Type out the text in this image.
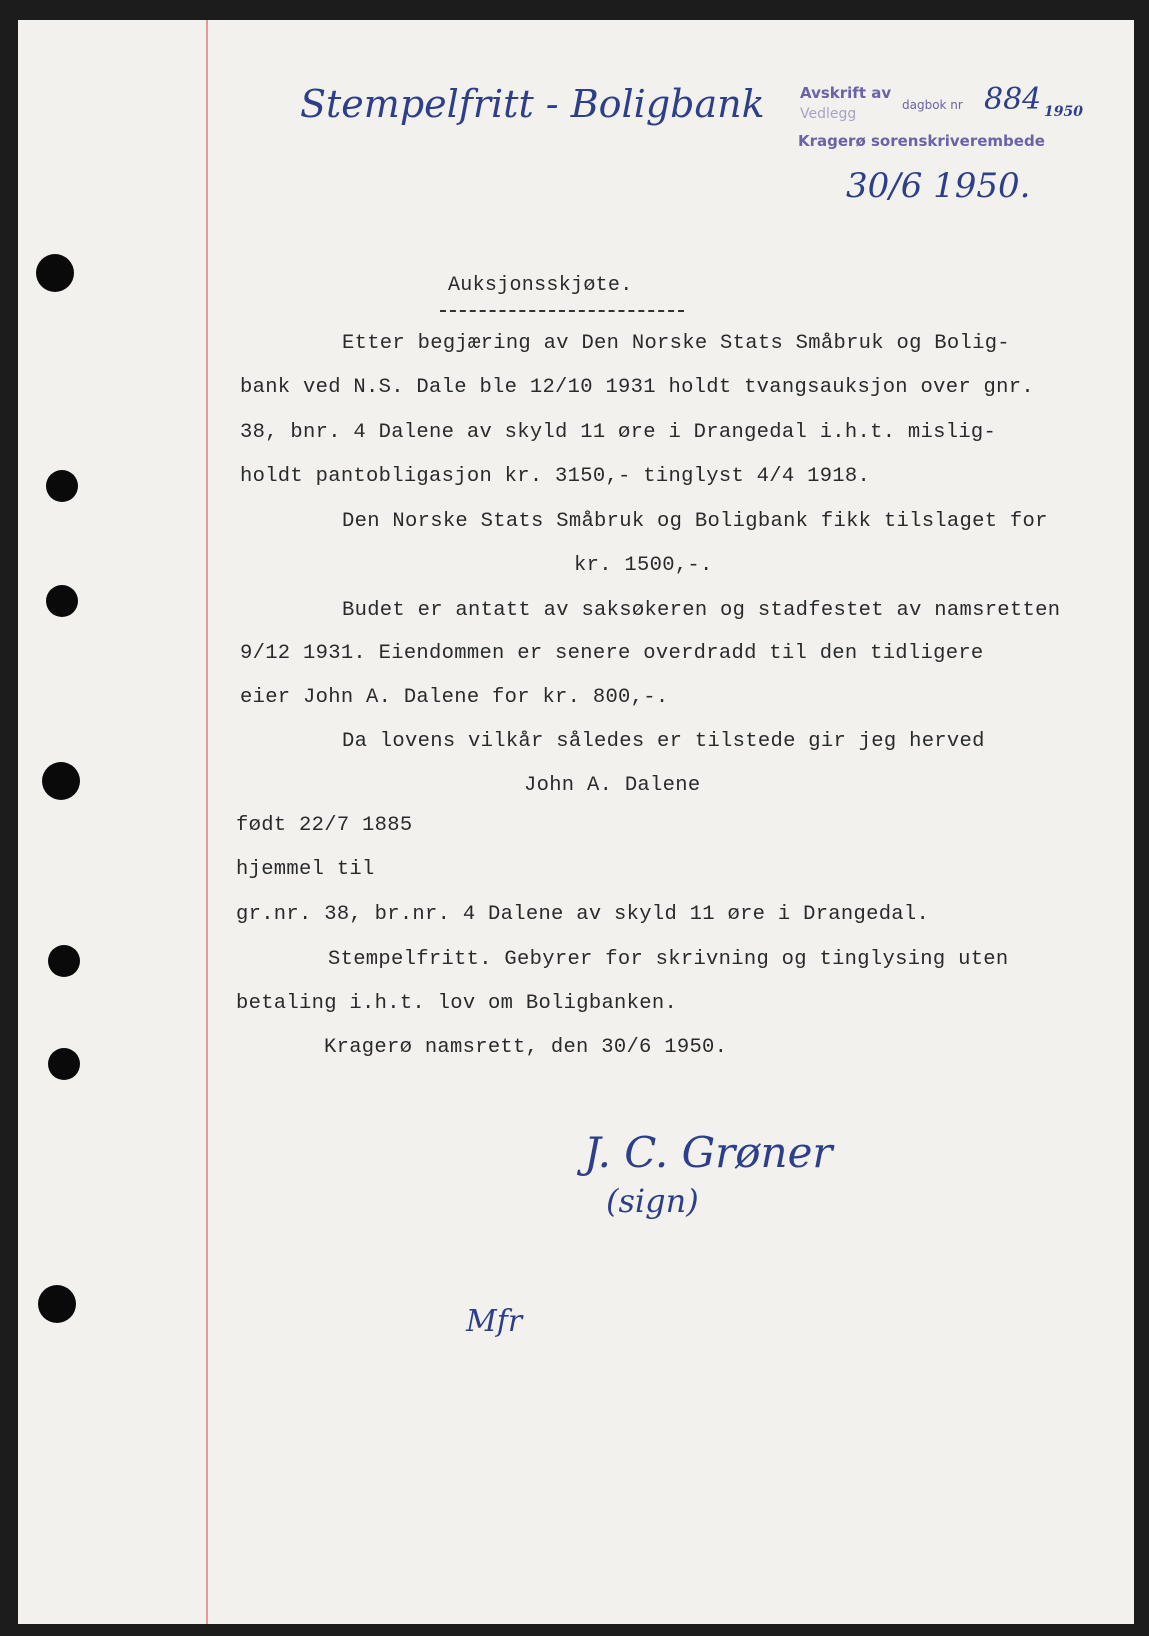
Stempelfritt - Boligbank Avskrift av
dagbok nr 884 1950
Vedlegg
Kragerø sorenskriverembede
30/6 1950.
Auksjonsskjøte.
Etter begjæring av Den Norske Stats Småbruk og Bolig-
bank ved N.S. Dale ble 12/10 1931 holdt tvangsauksjon over gnr.
38, bnr. 4 Dalene av skyld 11 øre i Drangedal i.h.t. mislig-
holdt pantobligasjon kr. 3150,- tinglyst 4/4 1918.
Den Norske Stats Småbruk og Boligbank fikk tilslaget for
kr. 1500,-.
Budet er antatt av saksøkeren og stadfestet av namsretten
9/12 1931. Eiendommen er senere overdradd til den tidligere
eier John A. Dalene for kr. 800,-.
Da lovens vilkår således er tilstede gir jeg herved
John A. Dalene
født 22/7 1885
hjemmel til
gr.nr. 38, br.nr. 4 Dalene av skyld 11 øre i Drangedal.
Stempelfritt. Gebyrer for skrivning og tinglysing uten
betaling i.h.t. lov om Boligbanken.
Kragerø namsrett, den 30/6 1950.
J. C. Grøner
(sign)
Mfr
